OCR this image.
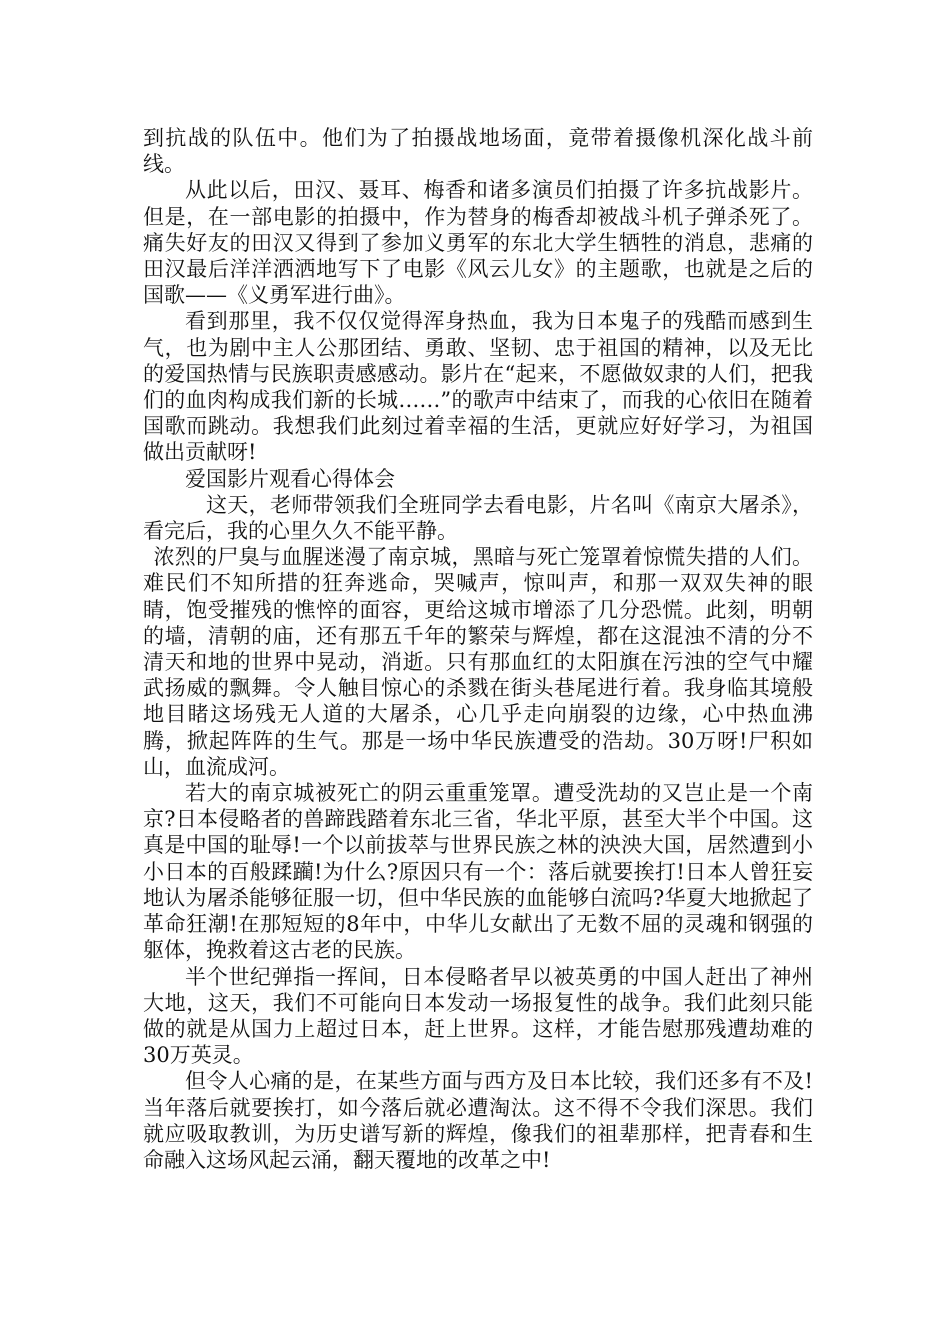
到抗战的队伍中。他们为了拍摄战地场面，竟带着摄像机深化战斗前线。

从此以后，田汉、聂耳、梅香和诸多演员们拍摄了许多抗战影片。但是，在一部电影的拍摄中，作为替身的梅香却被战斗机子弹杀死了。痛失好友的田汉又得到了参加义勇军的东北大学生牺牲的消息，悲痛的田汉最后洋洋洒洒地写下了电影《风云儿女》的主题歌，也就是之后的国歌——《义勇军进行曲》。

看到那里，我不仅仅觉得浑身热血，我为日本鬼子的残酷而感到生气，也为剧中主人公那团结、勇敢、坚韧、忠于祖国的精神，以及无比的爱国热情与民族职责感感动。影片在“起来，不愿做奴隶的人们，把我们的血肉构成我们新的长城……”的歌声中结束了，而我的心依旧在随着国歌而跳动。我想我们此刻过着幸福的生活，更就应好好学习，为祖国做出贡献呀!

爱国影片观看心得体会

这天，老师带领我们全班同学去看电影，片名叫《南京大屠杀》，看完后，我的心里久久不能平静。

浓烈的尸臭与血腥迷漫了南京城，黑暗与死亡笼罩着惊慌失措的人们。难民们不知所措的狂奔逃命，哭喊声，惊叫声，和那一双双失神的眼睛，饱受摧残的憔悴的面容，更给这城市增添了几分恐慌。此刻，明朝的墙，清朝的庙，还有那五千年的繁荣与辉煌，都在这混浊不清的分不清天和地的世界中晃动，消逝。只有那血红的太阳旗在污浊的空气中耀武扬威的飘舞。令人触目惊心的杀戮在街头巷尾进行着。我身临其境般地目睹这场残无人道的大屠杀，心几乎走向崩裂的边缘，心中热血沸腾，掀起阵阵的生气。那是一场中华民族遭受的浩劫。30万呀!尸积如山，血流成河。

若大的南京城被死亡的阴云重重笼罩。遭受洗劫的又岂止是一个南京?日本侵略者的兽蹄践踏着东北三省，华北平原，甚至大半个中国。这真是中国的耻辱!一个以前拔萃与世界民族之林的泱泱大国，居然遭到小小日本的百般蹂躏!为什么?原因只有一个：落后就要挨打!日本人曾狂妄地认为屠杀能够征服一切，但中华民族的血能够白流吗?华夏大地掀起了革命狂潮!在那短短的8年中，中华儿女献出了无数不屈的灵魂和钢强的躯体，挽救着这古老的民族。

半个世纪弹指一挥间，日本侵略者早以被英勇的中国人赶出了神州大地，这天，我们不可能向日本发动一场报复性的战争。我们此刻只能做的就是从国力上超过日本，赶上世界。这样，才能告慰那残遭劫难的30万英灵。

但令人心痛的是，在某些方面与西方及日本比较，我们还多有不及!当年落后就要挨打，如今落后就必遭淘汰。这不得不令我们深思。我们就应吸取教训，为历史谱写新的辉煌，像我们的祖辈那样，把青春和生命融入这场风起云涌，翻天覆地的改革之中!
